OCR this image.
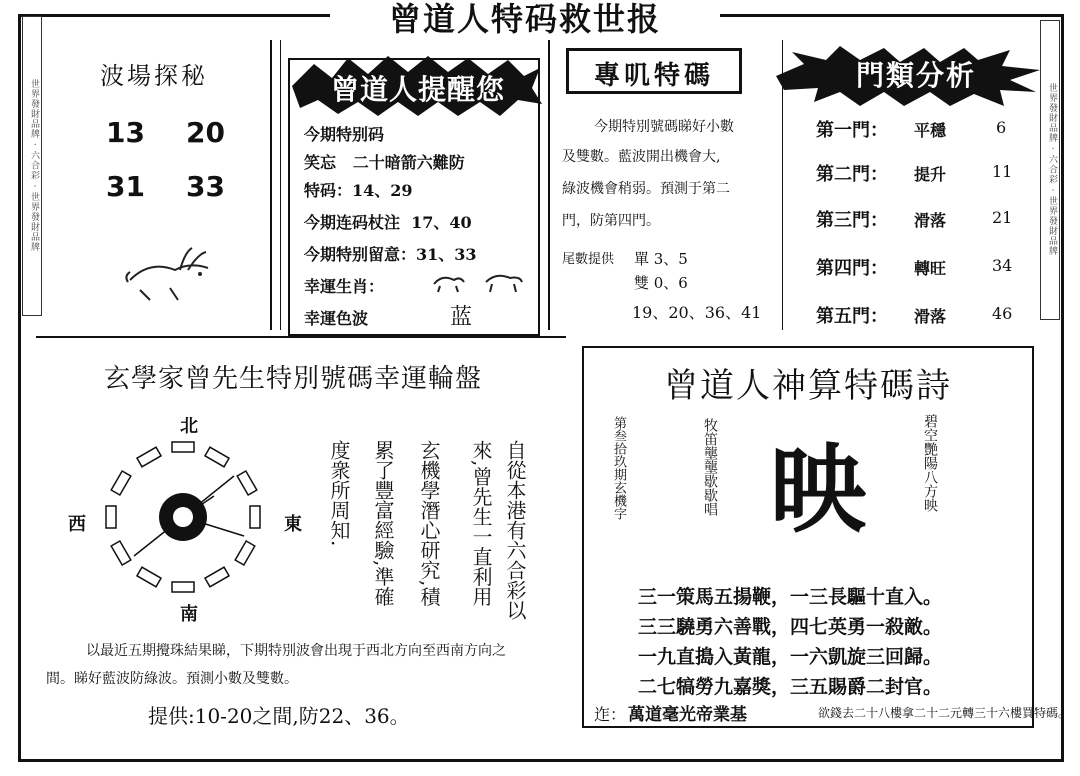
世界發財品牌 · 六合彩 · 世界發財品牌	世界發財品牌 · 六合彩 · 世界發財品牌
曾道人特码救世报
波場探秘
13 20
31 33
曾道人提醒您
今期特别码
笑忘 二十暗箭六難防
特码：14、29
今期连码杖注 17、40
今期特别留意：31、33
幸運生肖：
幸運色波	蓝
專叽特碼
今期特別號碼睇好小數
及雙數。藍波開出機會大,
綠波機會稍弱。預測于第二
門，防第四門。
尾數提供 單 3、5
雙 0、6
19、20、36、41
門類分析
第一門： 平穩	6
第二門： 提升	11
第三門： 滑落	21
第四門： 轉旺	34
第五門： 滑落	46
玄學家曾先生特別號碼幸運輪盤
北
南
西	東	自從本港有六合彩以
來,曾先生一直利用
玄機學潛心研究,積
累了豐富經驗,準確
度衆所周知.
以最近五期攪珠結果睇，下期特別波會出現于西北方向至西南方向之
間。睇好藍波防綠波。預測小數及雙數。
提供:10-20之間,防22、36。
曾道人神算特碼詩
第叁拾玖期玄機字	牧笛壟壟歇歇唱	碧空艷陽八方映
映
三一策馬五揚鞭，一三長驅十直入。
三三驍勇六善戰，四七英勇一殺敵。
一九直搗入黃龍，一六凱旋三回歸。
二七犒勞九嘉獎，三五賜爵二封官。
迮： 萬道毫光帝業基	欲錢去二十八樓拿二十二元轉三十六樓買特碼。
